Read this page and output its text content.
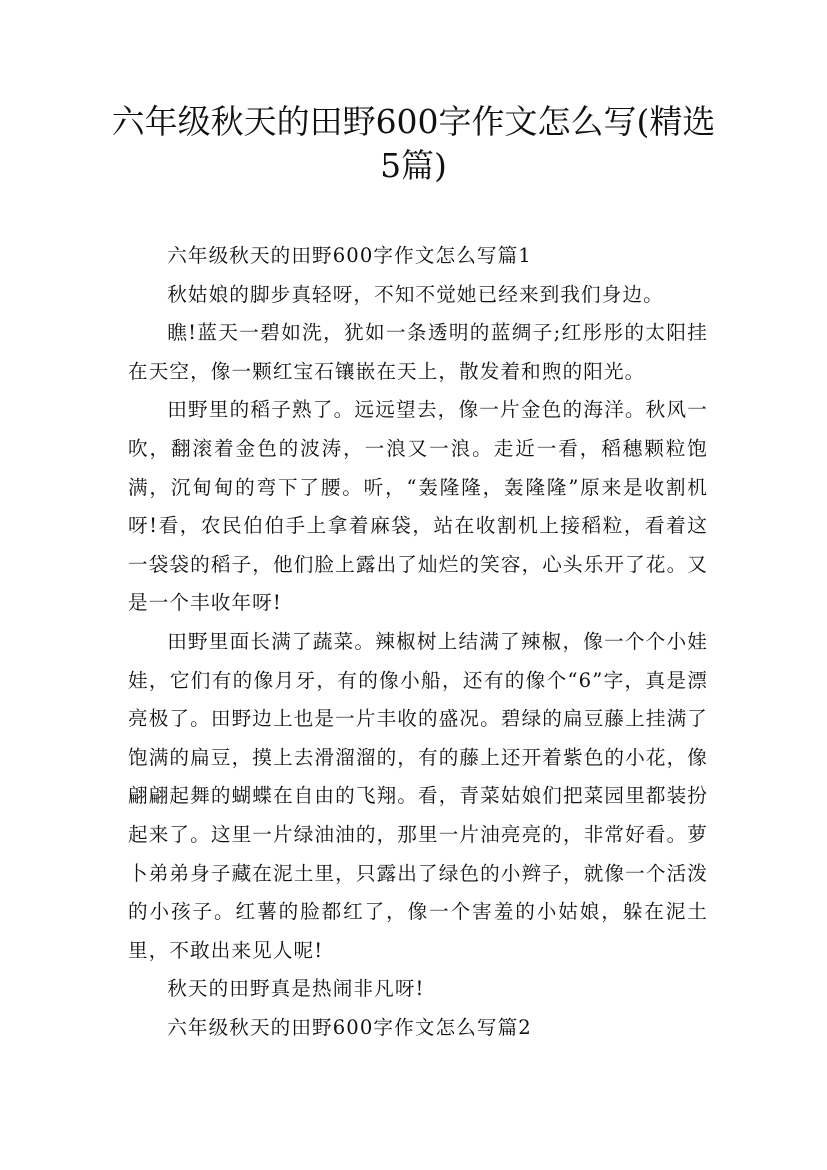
六年级秋天的田野600字作文怎么写(精选5篇)

六年级秋天的田野600字作文怎么写篇1

秋姑娘的脚步真轻呀，不知不觉她已经来到我们身边。

瞧!蓝天一碧如洗，犹如一条透明的蓝绸子;红彤彤的太阳挂在天空，像一颗红宝石镶嵌在天上，散发着和煦的阳光。

田野里的稻子熟了。远远望去，像一片金色的海洋。秋风一吹，翻滚着金色的波涛，一浪又一浪。走近一看，稻穗颗粒饱满，沉甸甸的弯下了腰。听，“轰隆隆，轰隆隆”原来是收割机呀!看，农民伯伯手上拿着麻袋，站在收割机上接稻粒，看着这一袋袋的稻子，他们脸上露出了灿烂的笑容，心头乐开了花。又是一个丰收年呀!

田野里面长满了蔬菜。辣椒树上结满了辣椒，像一个个小娃娃，它们有的像月牙，有的像小船，还有的像个“6”字，真是漂亮极了。田野边上也是一片丰收的盛况。碧绿的扁豆藤上挂满了饱满的扁豆，摸上去滑溜溜的，有的藤上还开着紫色的小花，像翩翩起舞的蝴蝶在自由的飞翔。看，青菜姑娘们把菜园里都装扮起来了。这里一片绿油油的，那里一片油亮亮的，非常好看。萝卜弟弟身子藏在泥土里，只露出了绿色的小辫子，就像一个活泼的小孩子。红薯的脸都红了，像一个害羞的小姑娘，躲在泥土里，不敢出来见人呢!

秋天的田野真是热闹非凡呀!

六年级秋天的田野600字作文怎么写篇2
